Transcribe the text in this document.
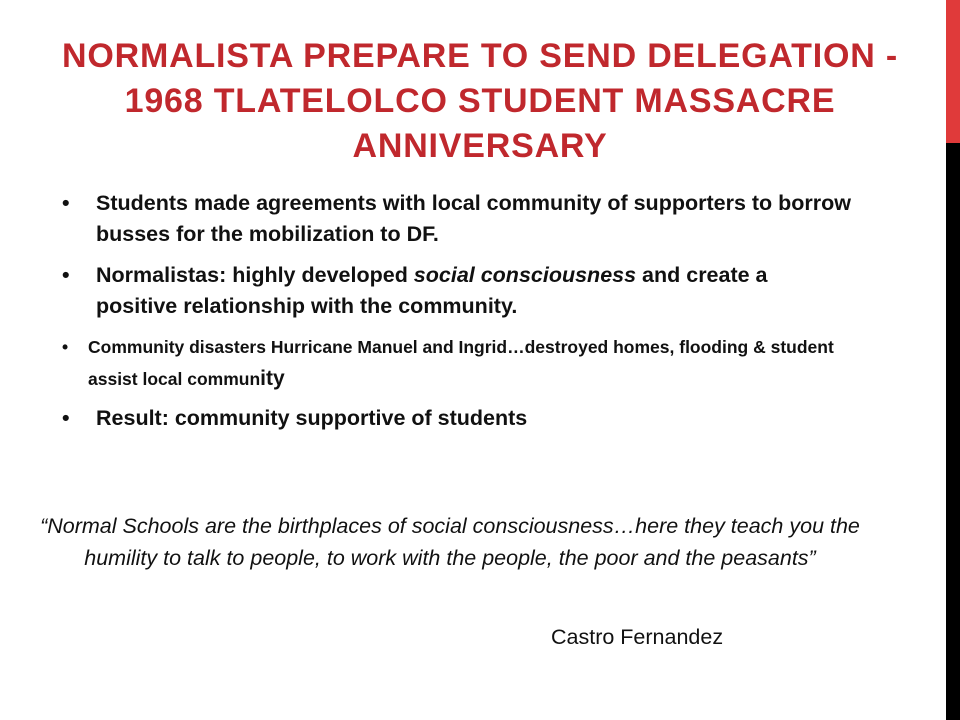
NORMALISTA PREPARE TO SEND DELEGATION - 1968 TLATELOLCO STUDENT MASSACRE ANNIVERSARY
• Students made agreements with local community of supporters to borrow busses for the mobilization to DF.
• Normalistas: highly developed social consciousness and create a positive relationship with the community.
• Community disasters Hurricane Manuel and Ingrid…destroyed homes, flooding & student assist local community
• Result: community supportive of students

“Normal Schools are the birthplaces of social consciousness…here they teach you the humility to talk to people, to work with the people, the poor and the peasants”

Castro Fernandez
